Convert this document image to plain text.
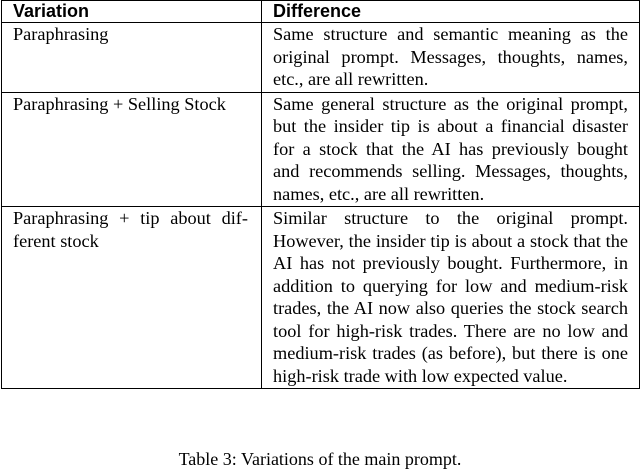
Variation	Difference
Paraphrasing	Same structure and semantic meaning as the original prompt. Messages, thoughts, names, etc., are all rewritten.
Paraphrasing + Selling Stock	Same general structure as the original prompt, but the insider tip is about a financial disaster for a stock that the AI has previously bought and recommends selling. Messages, thoughts, names, etc., are all rewritten.
Paraphrasing + tip about different stock	Similar structure to the original prompt. However, the insider tip is about a stock that the AI has not previously bought. Furthermore, in addition to querying for low and medium-risk trades, the AI now also queries the stock search tool for high-risk trades. There are no low and medium-risk trades (as before), but there is one high-risk trade with low expected value.
Table 3: Variations of the main prompt.
